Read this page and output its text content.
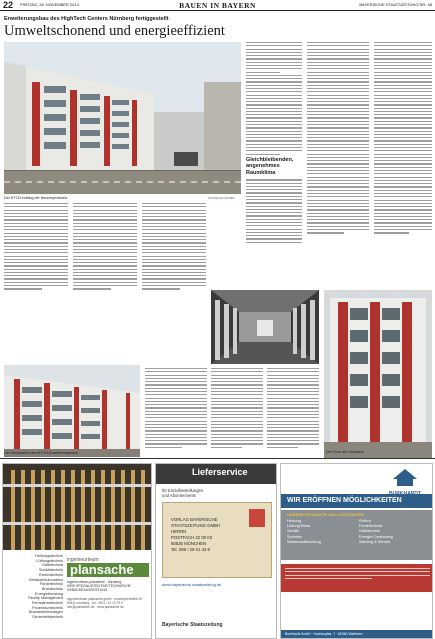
22 FREITAG, 28. NOVEMBER 2014	BAUEN IN BAYERN	BAYERISCHE STAATSZEITUNG NR. 48
Erweiterungsbau des HighTech Centers Nürnberg fertiggestellt
Umweltschonend und energieeffizient
Der HTCN entlang der Neumeyerstraße.	FOTOS HOCHTIEF
Gleichbleibenden, angenehmes Raumklima
Der Front des Neubaus.
Die Rückansicht des HTCN-Erweiterungsbaus.
Heizungstechnik
Lüftungstechnik
Kältetechnik
Sanitärtechnik
Elektrotechnik
Gebäudeautomation
Fördertechnik
Brandschutz
Energieberatung
Facility Management
Fernwärmetechnik
Feuerlöschtechnik
Brandmeldeanlagen
Sicherheitstechnik
ingenieurteam
plansache
ingenieurteam plansache ∙ nürnberg ∙
IHRE SPEZIALISTEN FÜR TECHNISCHE GEBÄUDEAUSRÜSTUNG
ingenieurteam plansache gmbh · neumeyerstraße 40 · 90411 nürnberg · tel.: 0911 / 13 13 79-0 · info@plansache.de · www.plansache.de
Lieferservice
Ihr Einzelbestellungen
und Abonnements
VORLAG BAYERISCHE
STAATSZEITUNG GMBH
HERRN
POSTFACH 22 00 03
80535 MÜNCHEN
Tel. 089 / 29 01 42-0
www.bayerische-staatszeitung.de
Bayerische Staatszeitung
WIR ERÖFFNEN MÖGLICHKEITEN
UNSERE PRODUKTE UND LEISTUNGEN
Heizung
Lüftung/Klima
Sanitär
Sprinkler
Wasseraufbereitung
Elektro
Fördertechnik
Kältetechnik
Energie-Contracting
Wartung & Service
Burkhardt GmbH · Hochkopfstr. 7 · 82362 Weilheim
